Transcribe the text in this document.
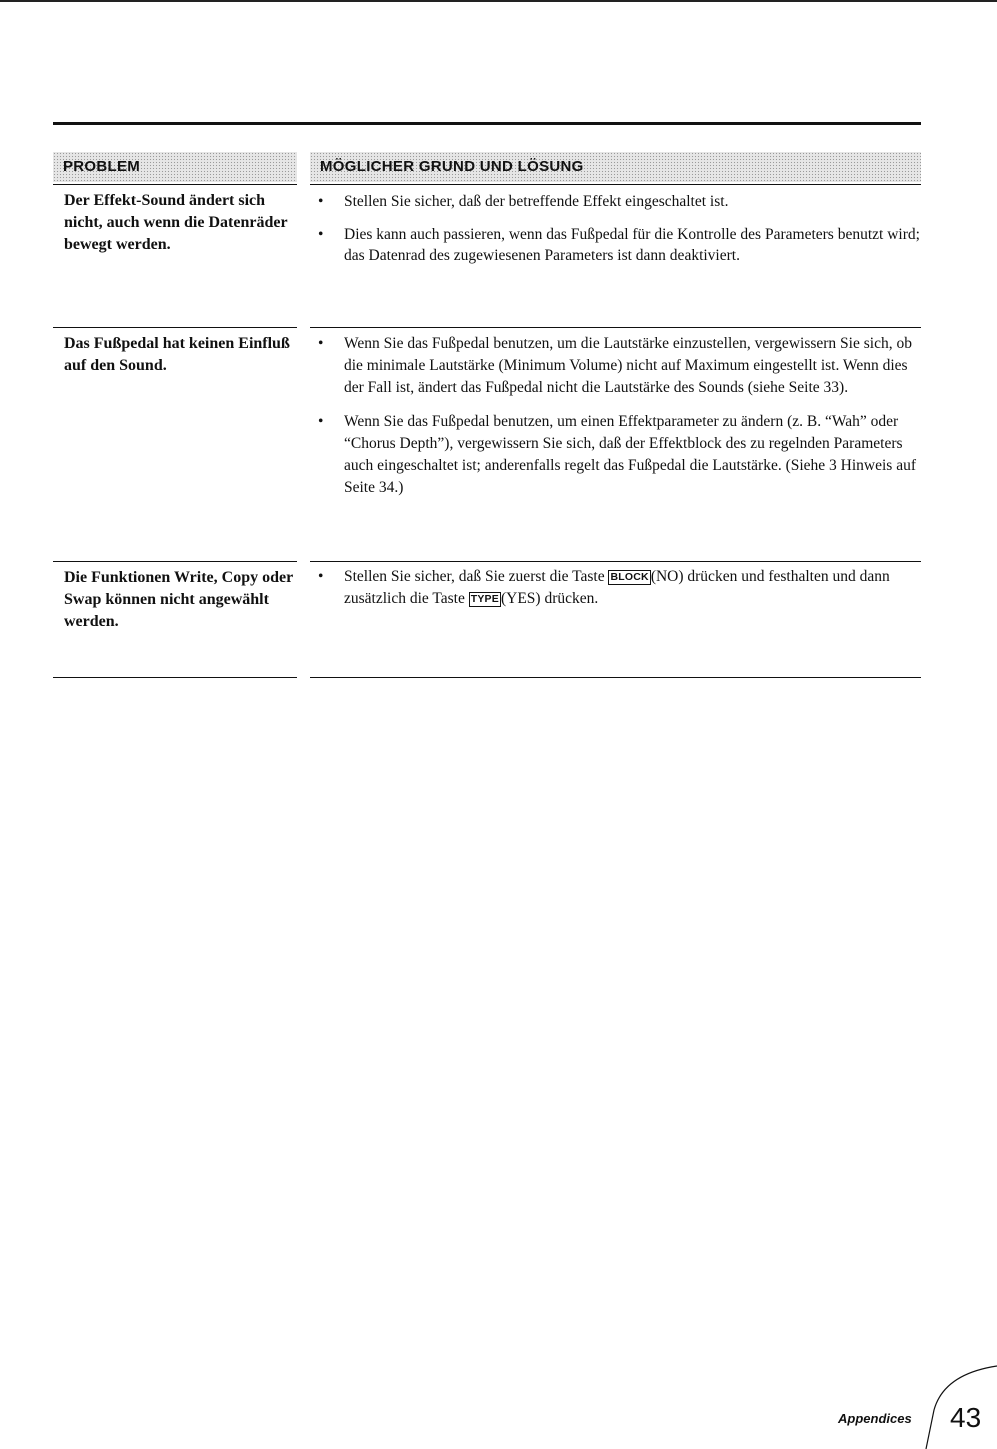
PROBLEM	MÖGLICHER GRUND UND LÖSUNG
Der Effekt-Sound ändert sich nicht, auch wenn die Datenräder bewegt werden.

• Stellen Sie sicher, daß der betreffende Effekt eingeschaltet ist.

• Dies kann auch passieren, wenn das Fußpedal für die Kontrolle des Parameters benutzt wird; das Datenrad des zugewiesenen Parameters ist dann deaktiviert.

Das Fußpedal hat keinen Einfluß auf den Sound.

• Wenn Sie das Fußpedal benutzen, um die Lautstärke einzustellen, vergewissern Sie sich, ob die minimale Lautstärke (Minimum Volume) nicht auf Maximum eingestellt ist. Wenn dies der Fall ist, ändert das Fußpedal nicht die Lautstärke des Sounds (siehe Seite 33).

• Wenn Sie das Fußpedal benutzen, um einen Effektparameter zu ändern (z. B. “Wah” oder “Chorus Depth”), vergewissern Sie sich, daß der Effektblock des zu regelnden Parameters auch eingeschaltet ist; anderenfalls regelt das Fußpedal die Lautstärke. (Siehe 3 Hinweis auf Seite 34.)

Die Funktionen Write, Copy oder Swap können nicht angewählt werden.

• Stellen Sie sicher, daß Sie zuerst die Taste BLOCK (NO) drücken und festhalten und dann zusätzlich die Taste TYPE (YES) drücken.

Appendices 43
